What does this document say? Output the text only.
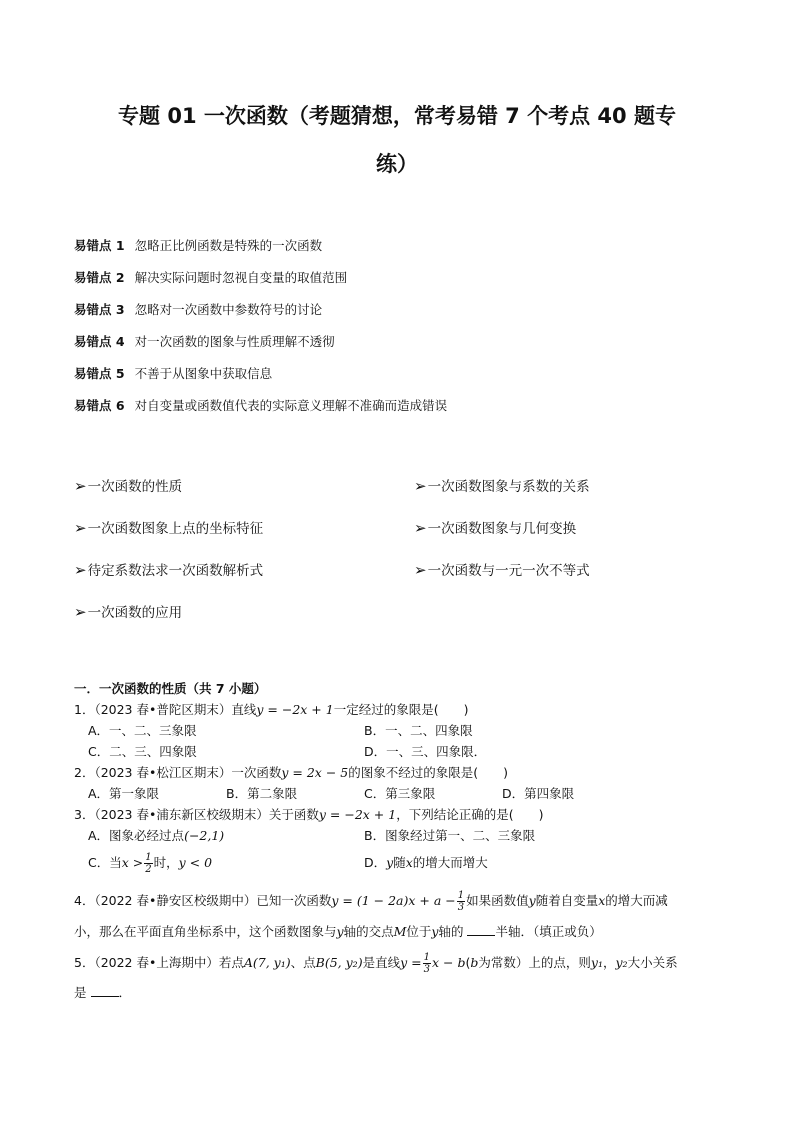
专题 01 一次函数（考题猜想，常考易错 7 个考点 40 题专
练）
易错点 1 忽略正比例函数是特殊的一次函数
易错点 2 解决实际问题时忽视自变量的取值范围
易错点 3 忽略对一次函数中参数符号的讨论
易错点 4 对一次函数的图象与性质理解不透彻
易错点 5 不善于从图象中获取信息
易错点 6 对自变量或函数值代表的实际意义理解不准确而造成错误
➢一次函数的性质	➢一次函数图象与系数的关系
➢一次函数图象上点的坐标特征	➢一次函数图象与几何变换
➢待定系数法求一次函数解析式	➢一次函数与一元一次不等式
➢一次函数的应用
一．一次函数的性质（共 7 小题）
1．（2023 春•普陀区期末）直线y = −2x + 1一定经过的象限是(　　)
A．一、二、三象限	B．一、二、四象限
C．二、三、四象限	D．一、三、四象限．
2．（2023 春•松江区期末）一次函数y = 2x − 5的图象不经过的象限是(　　)
A．第一象限	B．第二象限	C．第三象限	D．第四象限
3．（2023 春•浦东新区校级期末）关于函数y = −2x + 1，下列结论正确的是(　　)
A．图象必经过点(−2,1)	B．图象经过第一、二、三象限
C．当$x > \frac{1}{2}$ 时，y < 0	D．y随x的增大而增大
4．（2022 春•静安区校级期中）已知一次函数$y = (1 - 2a)x + a - \frac{1}{3}$ 如果函数值y随着自变量x的增大而减
小，那么在平面直角坐标系中，这个函数图象与y轴的交点M位于y轴的	半轴．（填正或负）
5．（2022 春•上海期中）若点A(7, y₁)、点B(5, y₂)是直线$y = \frac{1}{3}$ x − b(b为常数）上的点，则y₁，y₂大小关系
是	．
